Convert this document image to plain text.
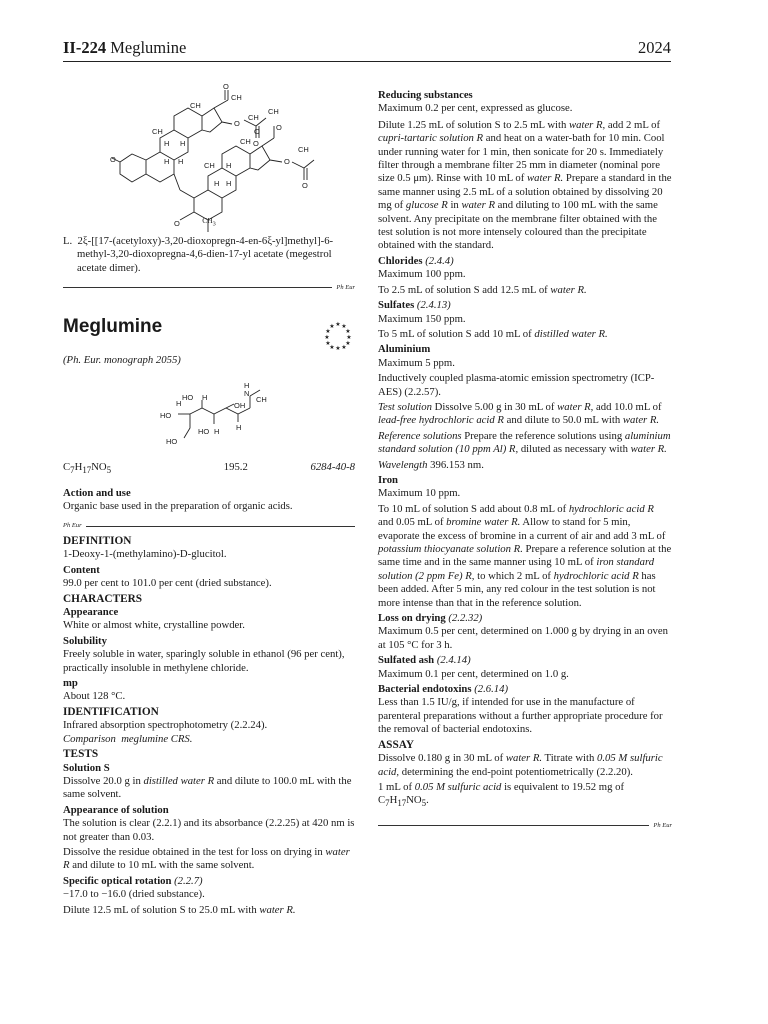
II-224 Meglumine	2024
O
CH
CH
O
CH
O
CH
CH
H H
H H
O
O
CH
CH H
H H
O
O
O
O
CH

$CH_3$

L. 2ξ-[[17-(acetyloxy)-3,20-dioxopregn-4-en-6ξ-yl]methyl]-6-methyl-3,20-dioxopregna-4,6-dien-17-yl acetate (megestrol acetate dimer).

Ph Eur
Meglumine	★ ★
★
★
★
★
★
★
★
★
★
★

(Ph. Eur. monograph 2055)

H
N
CH
HO H
H
HO
OH
HO H H
HO
$C_7H_{17}NO_5$	195.2	6284-40-8

Action and use

Organic base used in the preparation of organic acids.

Ph Eur

DEFINITION

1-Deoxy-1-(methylamino)-D-glucitol.

Content

99.0 per cent to 101.0 per cent (dried substance).

CHARACTERS

Appearance

White or almost white, crystalline powder.

Solubility

Freely soluble in water, sparingly soluble in ethanol (96 per cent), practically insoluble in methylene chloride.

mp

About 128 °C.

IDENTIFICATION

Infrared absorption spectrophotometry (2.2.24).

Comparison meglumine CRS.

TESTS

Solution S

Dissolve 20.0 g in distilled water R and dilute to 100.0 mL with the same solvent.

Appearance of solution

The solution is clear (2.2.1) and its absorbance (2.2.25) at 420 nm is not greater than 0.03.

Dissolve the residue obtained in the test for loss on drying in water R and dilute to 10 mL with the same solvent.

Specific optical rotation (2.2.7)

−17.0 to −16.0 (dried substance).

Dilute 12.5 mL of solution S to 25.0 mL with water R.

Reducing substances

Maximum 0.2 per cent, expressed as glucose.

Dilute 1.25 mL of solution S to 2.5 mL with water R, add 2 mL of cupri-tartaric solution R and heat on a water-bath for 10 min. Cool under running water for 1 min, then sonicate for 20 s. Immediately filter through a membrane filter 25 mm in diameter (nominal pore size 0.5 μm). Rinse with 10 mL of water R. Prepare a standard in the same manner using 2.5 mL of a solution obtained by dissolving 20 mg of glucose R in water R and diluting to 100 mL with the same solvent. Any precipitate on the membrane filter obtained with the test solution is not more intensely coloured than the precipitate obtained with the standard.

Chlorides (2.4.4)

Maximum 100 ppm.

To 2.5 mL of solution S add 12.5 mL of water R.

Sulfates (2.4.13)

Maximum 150 ppm.

To 5 mL of solution S add 10 mL of distilled water R.

Aluminium

Maximum 5 ppm.

Inductively coupled plasma-atomic emission spectrometry (ICP-AES) (2.2.57).

Test solution Dissolve 5.00 g in 30 mL of water R, add 10.0 mL of lead-free hydrochloric acid R and dilute to 50.0 mL with water R.

Reference solutions Prepare the reference solutions using aluminium standard solution (10 ppm Al) R, diluted as necessary with water R.

Wavelength 396.153 nm.

Iron

Maximum 10 ppm.

To 10 mL of solution S add about 0.8 mL of hydrochloric acid R and 0.05 mL of bromine water R. Allow to stand for 5 min, evaporate the excess of bromine in a current of air and add 3 mL of potassium thiocyanate solution R. Prepare a reference solution at the same time and in the same manner using 10 mL of iron standard solution (2 ppm Fe) R, to which 2 mL of hydrochloric acid R has been added. After 5 min, any red colour in the test solution is not more intense than that in the reference solution.

Loss on drying (2.2.32)

Maximum 0.5 per cent, determined on 1.000 g by drying in an oven at 105 °C for 3 h.

Sulfated ash (2.4.14)

Maximum 0.1 per cent, determined on 1.0 g.

Bacterial endotoxins (2.6.14)

Less than 1.5 IU/g, if intended for use in the manufacture of parenteral preparations without a further appropriate procedure for the removal of bacterial endotoxins.

ASSAY

Dissolve 0.180 g in 30 mL of water R. Titrate with 0.05 M sulfuric acid, determining the end-point potentiometrically (2.2.20).

1 mL of 0.05 M sulfuric acid is equivalent to 19.52 mg of $C_7H_{17}NO_5$.

Ph Eur
